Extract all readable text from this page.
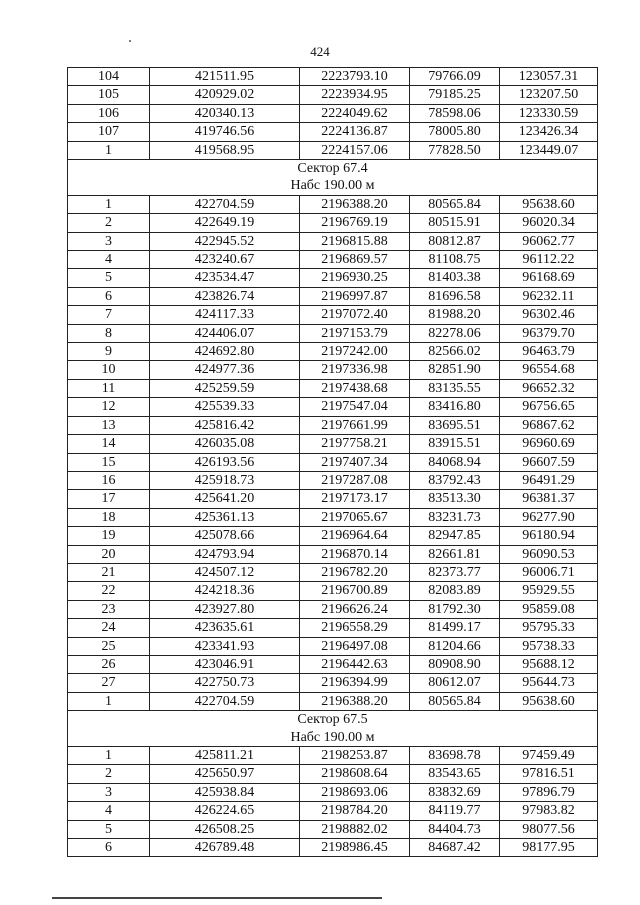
424
104	421511.95	2223793.10	79766.09	123057.31
105	420929.02	2223934.95	79185.25	123207.50
106	420340.13	2224049.62	78598.06	123330.59
107	419746.56	2224136.87	78005.80	123426.34
1	419568.95	2224157.06	77828.50	123449.07

Сектор 67.4
Набс 190.00 м				

1	422704.59	2196388.20	80565.84	95638.60
2	422649.19	2196769.19	80515.91	96020.34
3	422945.52	2196815.88	80812.87	96062.77
4	423240.67	2196869.57	81108.75	96112.22
5	423534.47	2196930.25	81403.38	96168.69
6	423826.74	2196997.87	81696.58	96232.11
7	424117.33	2197072.40	81988.20	96302.46
8	424406.07	2197153.79	82278.06	96379.70
9	424692.80	2197242.00	82566.02	96463.79
10	424977.36	2197336.98	82851.90	96554.68
11	425259.59	2197438.68	83135.55	96652.32
12	425539.33	2197547.04	83416.80	96756.65
13	425816.42	2197661.99	83695.51	96867.62
14	426035.08	2197758.21	83915.51	96960.69
15	426193.56	2197407.34	84068.94	96607.59
16	425918.73	2197287.08	83792.43	96491.29
17	425641.20	2197173.17	83513.30	96381.37
18	425361.13	2197065.67	83231.73	96277.90
19	425078.66	2196964.64	82947.85	96180.94
20	424793.94	2196870.14	82661.81	96090.53
21	424507.12	2196782.20	82373.77	96006.71
22	424218.36	2196700.89	82083.89	95929.55
23	423927.80	2196626.24	81792.30	95859.08
24	423635.61	2196558.29	81499.17	95795.33
25	423341.93	2196497.08	81204.66	95738.33
26	423046.91	2196442.63	80908.90	95688.12
27	422750.73	2196394.99	80612.07	95644.73
1	422704.59	2196388.20	80565.84	95638.60

Сектор 67.5
Набс 190.00 м				

1	425811.21	2198253.87	83698.78	97459.49
2	425650.97	2198608.64	83543.65	97816.51
3	425938.84	2198693.06	83832.69	97896.79
4	426224.65	2198784.20	84119.77	97983.82
5	426508.25	2198882.02	84404.73	98077.56
6	426789.48	2198986.45	84687.42	98177.95
